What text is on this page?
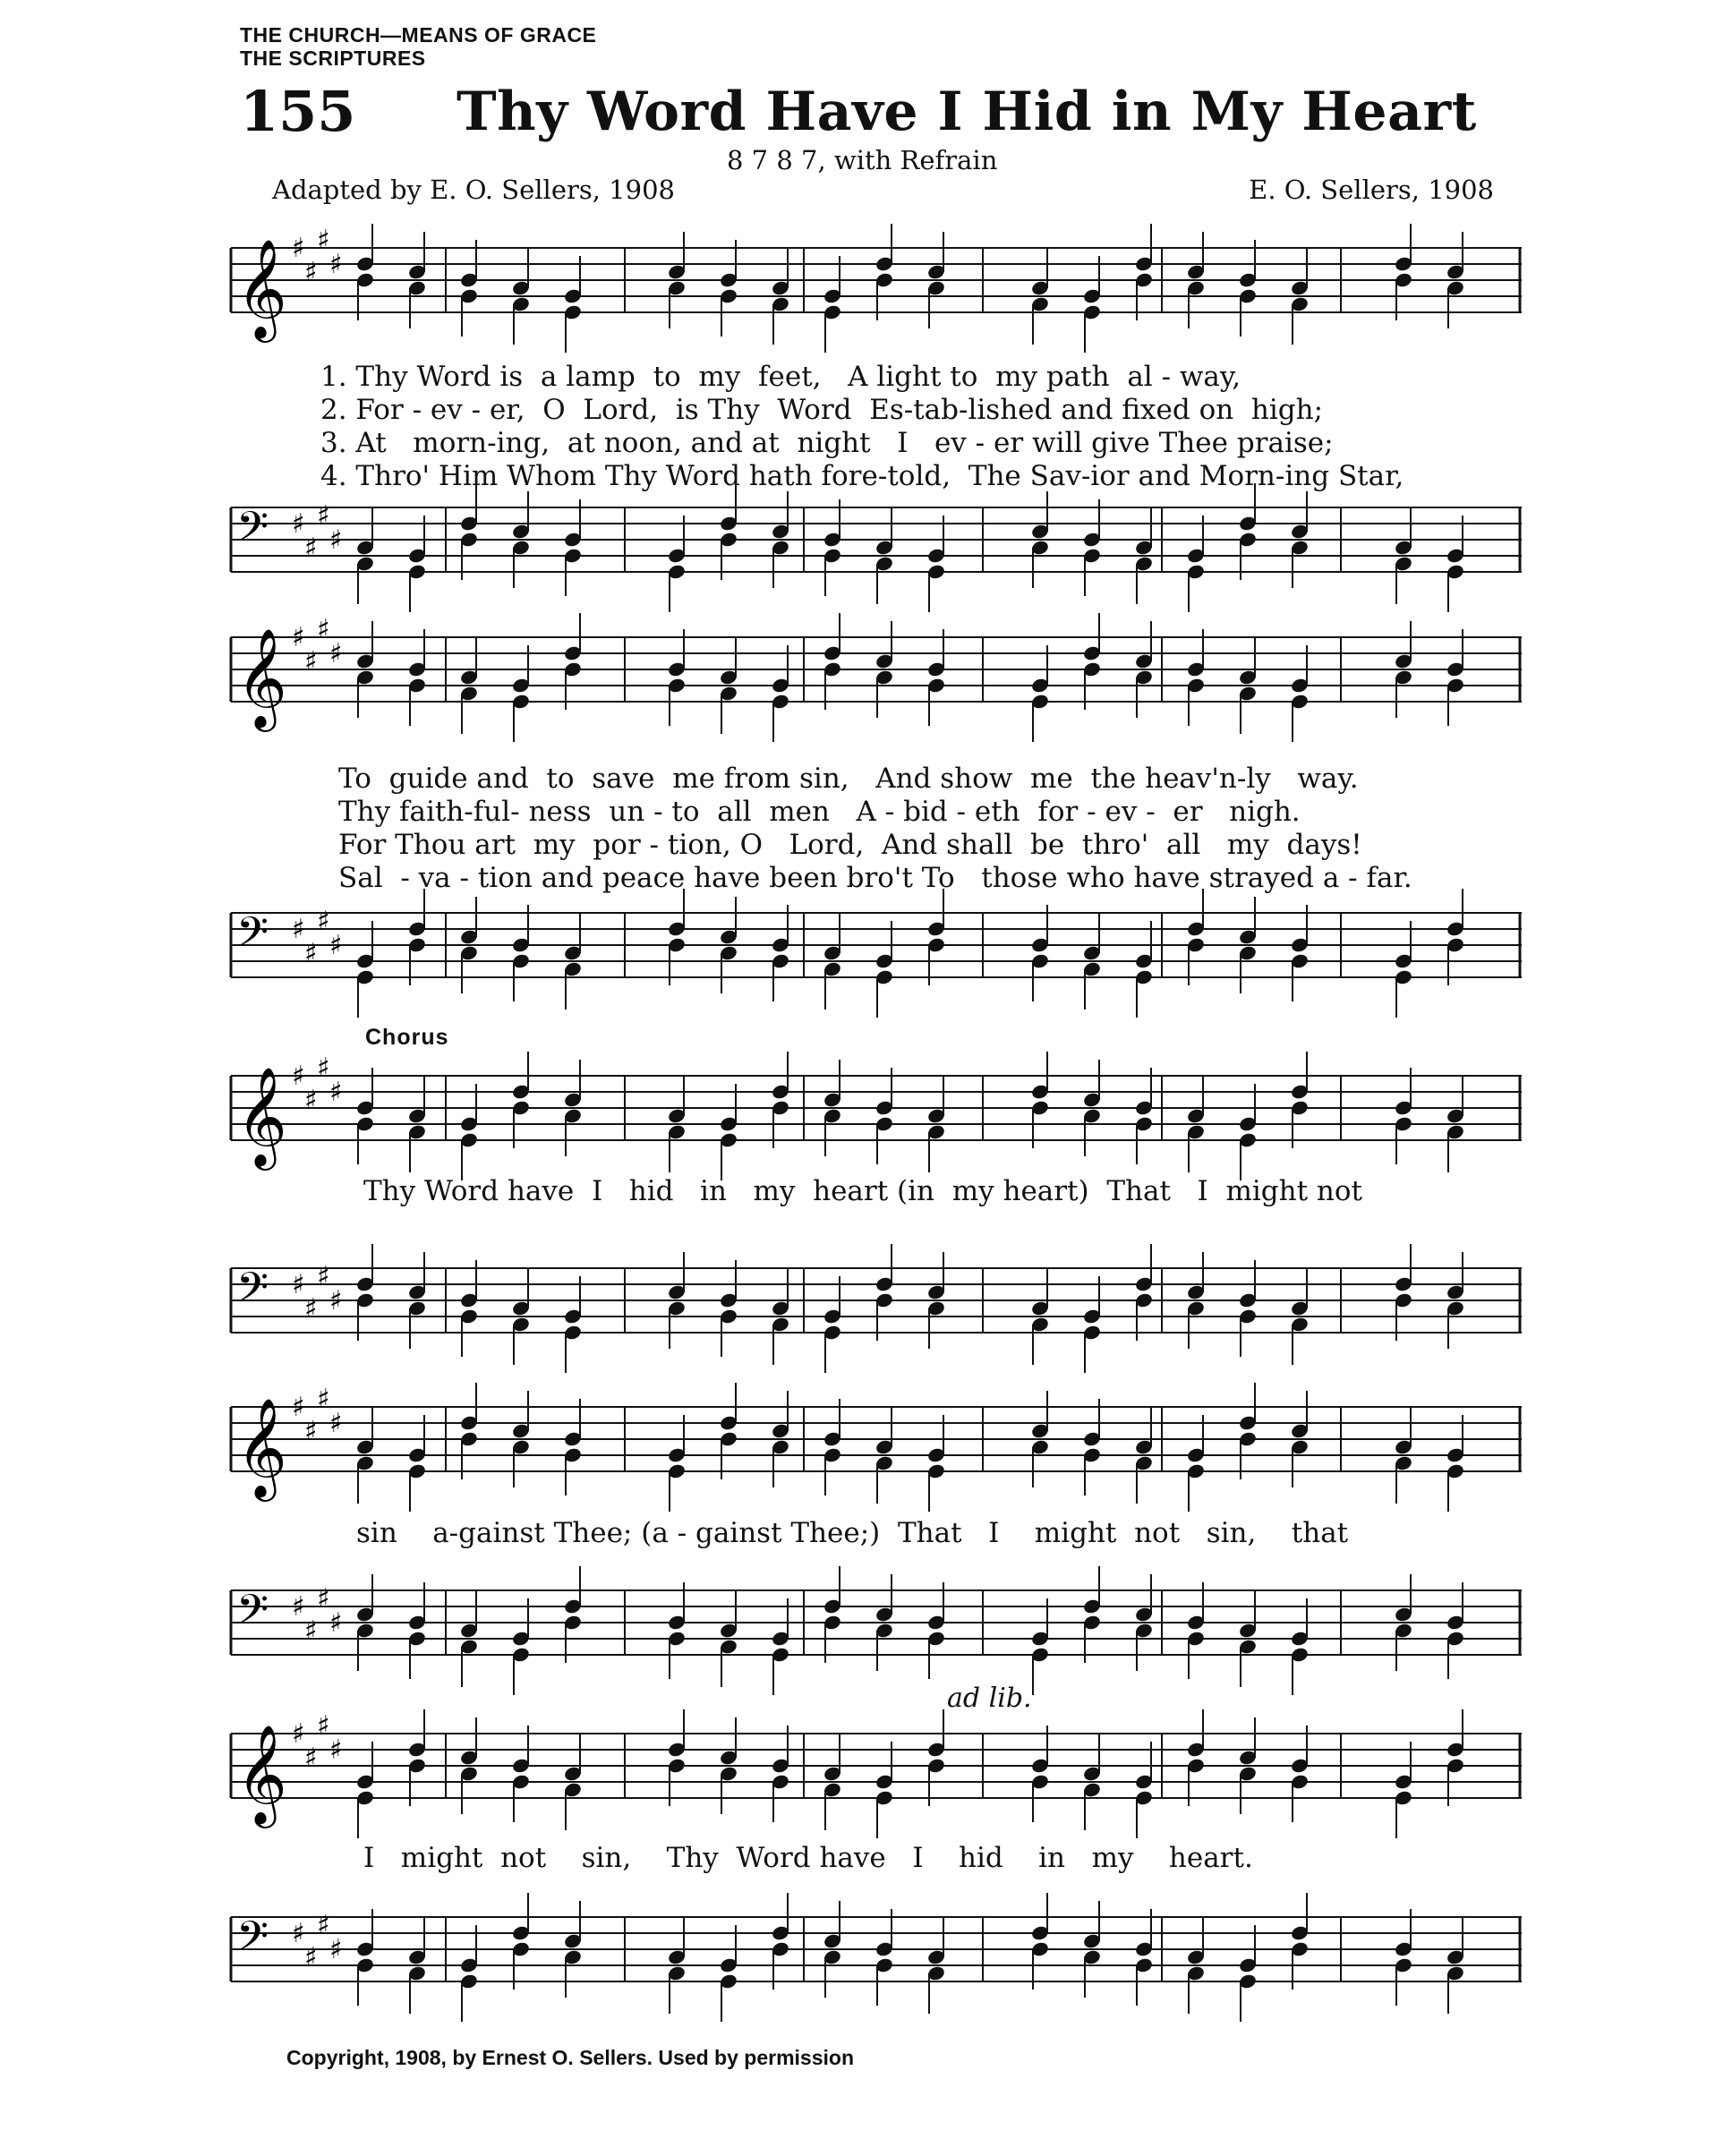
THE CHURCH—MEANS OF GRACE
THE SCRIPTURES
155 Thy Word Have I Hid in My Heart
8 7 8 7, with Refrain
Adapted by E. O. Sellers, 1908	E. O. Sellers, 1908
𝄞 ♯
♯
♯
♯
1. Thy Word is  a lamp  to  my  feet,   A light to  my path  al - way,
2. For - ev - er,  O  Lord,  is Thy  Word  Es-tab-lished and fixed on  high;
3. At   morn-ing,  at noon, and at  night   I   ev - er will give Thee praise;
4. Thro' Him Whom Thy Word hath fore-told,  The Sav-ior and Morn-ing Star,
𝄢 ♯
♯
♯
♯
𝄞 ♯
♯
♯
♯
To  guide and  to  save  me from sin,   And show  me  the heav'n-ly   way.
Thy faith-ful- ness  un - to  all  men   A - bid - eth  for - ev -  er   nigh.
For Thou art  my  por - tion, O   Lord,  And shall  be  thro'  all   my  days!
Sal  - va - tion and peace have been bro't To   those who have strayed a - far.
𝄢 ♯
♯
♯
♯
Chorus
𝄞 ♯
♯
♯
♯
Thy Word have  I   hid   in   my  heart (in  my heart)  That   I  might not
𝄢 ♯
♯
♯
♯
𝄞 ♯
♯
♯
♯
sin    a-gainst Thee; (a - gainst Thee;)  That   I    might  not   sin,    that
𝄢 ♯
♯
♯
♯
ad lib.
𝄞 ♯
♯
♯
♯
I   might  not    sin,    Thy  Word have   I    hid    in   my    heart.
𝄢 ♯
♯
♯
♯
Copyright, 1908, by Ernest O. Sellers. Used by permission
